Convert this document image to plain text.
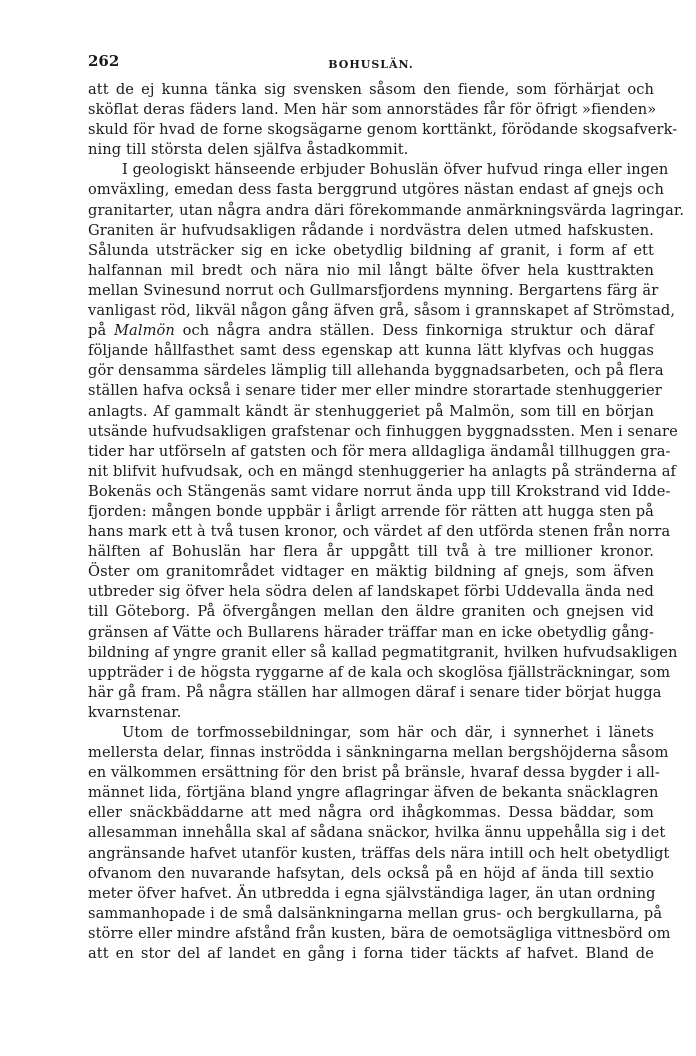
262	BOHUSLÄN.
att de ej kunna tänka sig svensken såsom den fiende, som förhärjat och
sköflat deras fäders land. Men här som annorstädes får för öfrigt »fienden»
skuld för hvad de forne skogsägarne genom korttänkt, förödande skogsafverk-
ning till största delen själfva åstadkommit.
I geologiskt hänseende erbjuder Bohuslän öfver hufvud ringa eller ingen
omväxling, emedan dess fasta berggrund utgöres nästan endast af gnejs och
granitarter, utan några andra däri förekommande anmärkningsvärda lagringar.
Graniten är hufvudsakligen rådande i nordvästra delen utmed hafskusten.
Sålunda utsträcker sig en icke obetydlig bildning af granit, i form af ett
halfannan mil bredt och nära nio mil långt bälte öfver hela kusttrakten
mellan Svinesund norrut och Gullmarsfjordens mynning. Bergartens färg är
vanligast röd, likväl någon gång äfven grå, såsom i grannskapet af Strömstad,
på Malmön och några andra ställen. Dess finkorniga struktur och däraf
följande hållfasthet samt dess egenskap att kunna lätt klyfvas och huggas
gör densamma särdeles lämplig till allehanda byggnadsarbeten, och på flera
ställen hafva också i senare tider mer eller mindre storartade stenhuggerier
anlagts. Af gammalt kändt är stenhuggeriet på Malmön, som till en början
utsände hufvudsakligen grafstenar och finhuggen byggnadssten. Men i senare
tider har utförseln af gatsten och för mera alldagliga ändamål tillhuggen gra-
nit blifvit hufvudsak, och en mängd stenhuggerier ha anlagts på stränderna af
Bokenäs och Stängenäs samt vidare norrut ända upp till Krokstrand vid Idde-
fjorden: mången bonde uppbär i årligt arrende för rätten att hugga sten på
hans mark ett à två tusen kronor, och värdet af den utförda stenen från norra
hälften af Bohuslän har flera år uppgått till två à tre millioner kronor.
Öster om granitområdet vidtager en mäktig bildning af gnejs, som äfven
utbreder sig öfver hela södra delen af landskapet förbi Uddevalla ända ned
till Göteborg. På öfvergången mellan den äldre graniten och gnejsen vid
gränsen af Vätte och Bullarens härader träffar man en icke obetydlig gång-
bildning af yngre granit eller så kallad pegmatitgranit, hvilken hufvudsakligen
uppträder i de högsta ryggarne af de kala och skoglösa fjällsträckningar, som
här gå fram. På några ställen har allmogen däraf i senare tider börjat hugga
kvarnstenar.
Utom de torfmossebildningar, som här och där, i synnerhet i länets
mellersta delar, finnas inströdda i sänkningarna mellan bergshöjderna såsom
en välkommen ersättning för den brist på bränsle, hvaraf dessa bygder i all-
männet lida, förtjäna bland yngre aflagringar äfven de bekanta snäcklagren
eller snäckbäddarne att med några ord ihågkommas. Dessa bäddar, som
allesamman innehålla skal af sådana snäckor, hvilka ännu uppehålla sig i det
angränsande hafvet utanför kusten, träffas dels nära intill och helt obetydligt
ofvanom den nuvarande hafsytan, dels också på en höjd af ända till sextio
meter öfver hafvet. Än utbredda i egna självständiga lager, än utan ordning
sammanhopade i de små dalsänkningarna mellan grus- och bergkullarna, på
större eller mindre afstånd från kusten, bära de oemotsägliga vittnesbörd om
att en stor del af landet en gång i forna tider täckts af hafvet. Bland de
